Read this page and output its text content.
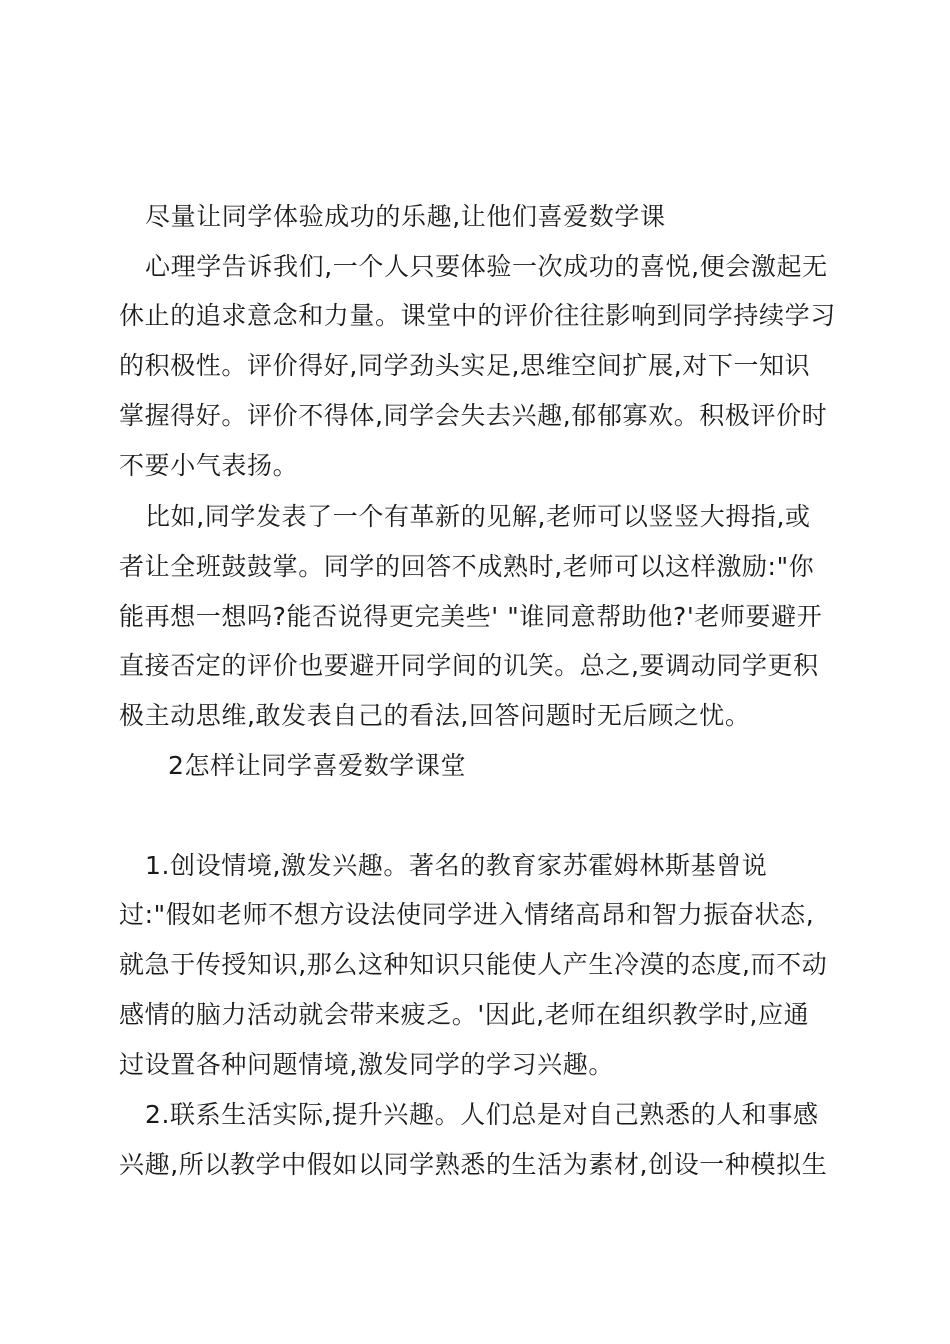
尽量让同学体验成功的乐趣,让他们喜爱数学课
心理学告诉我们,一个人只要体验一次成功的喜悦,便会激起无
休止的追求意念和力量。课堂中的评价往往影响到同学持续学习
的积极性。评价得好,同学劲头实足,思维空间扩展,对下一知识
掌握得好。评价不得体,同学会失去兴趣,郁郁寡欢。积极评价时
不要小气表扬。
比如,同学发表了一个有革新的见解,老师可以竖竖大拇指,或
者让全班鼓鼓掌。同学的回答不成熟时,老师可以这样激励:"你
能再想一想吗?能否说得更完美些' "谁同意帮助他?'老师要避开
直接否定的评价也要避开同学间的讥笑。总之,要调动同学更积
极主动思维,敢发表自己的看法,回答问题时无后顾之忧。
2怎样让同学喜爱数学课堂
1.创设情境,激发兴趣。著名的教育家苏霍姆林斯基曾说
过:"假如老师不想方设法使同学进入情绪高昂和智力振奋状态,
就急于传授知识,那么这种知识只能使人产生冷漠的态度,而不动
感情的脑力活动就会带来疲乏。'因此,老师在组织教学时,应通
过设置各种问题情境,激发同学的学习兴趣。
2.联系生活实际,提升兴趣。人们总是对自己熟悉的人和事感
兴趣,所以教学中假如以同学熟悉的生活为素材,创设一种模拟生
